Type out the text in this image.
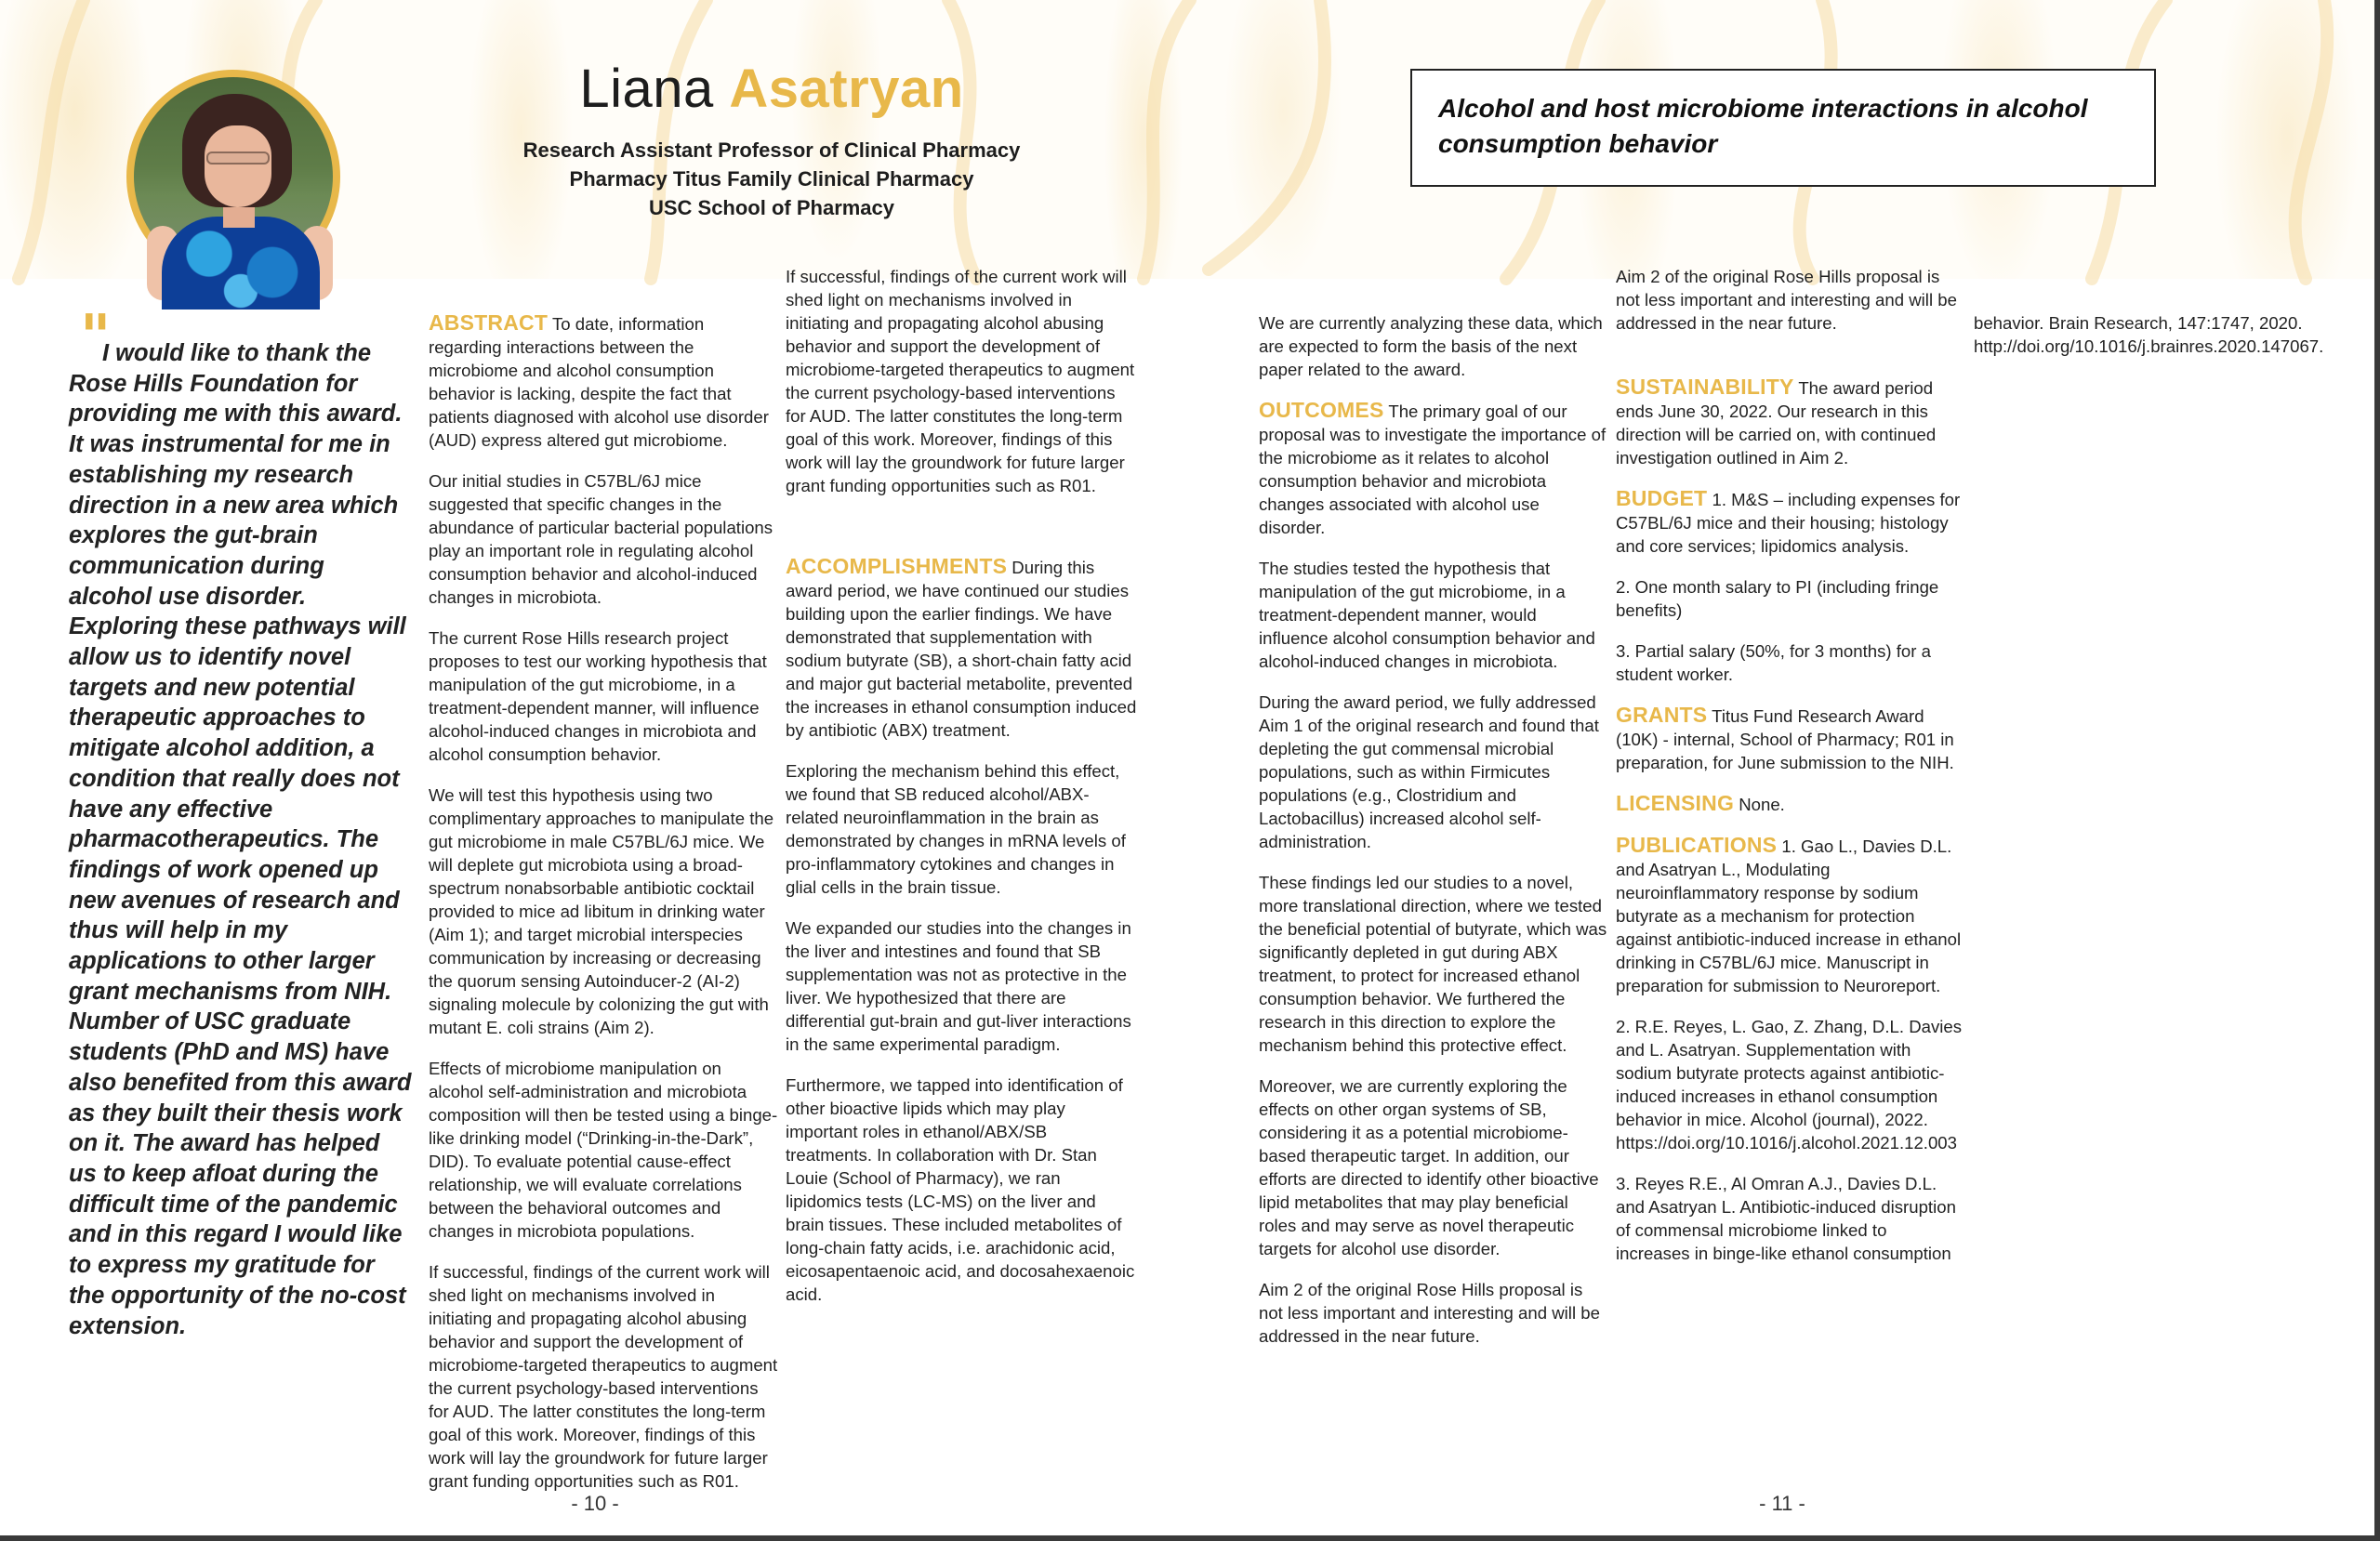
Liana Asatryan
Research Assistant Professor of Clinical Pharmacy
Pharmacy Titus Family Clinical Pharmacy
USC School of Pharmacy
Alcohol and host microbiome interactions in alcohol consumption behavior
"
I would like to thank the Rose Hills Foundation for providing me with this award. It was instrumental for me in establishing my research direction in a new area which explores the gut-brain communication during alcohol use disorder. Exploring these pathways will allow us to identify novel targets and new potential therapeutic approaches to mitigate alcohol addition, a condition that really does not have any effective pharmacotherapeutics. The findings of work opened up new avenues of research and thus will help in my applications to other larger grant mechanisms from NIH. Number of USC graduate students (PhD and MS) have also benefited from this award as they built their thesis work on it. The award has helped us to keep afloat during the difficult time of the pandemic and in this regard I would like to express my gratitude for the opportunity of the no-cost extension.

ABSTRACT To date, information regarding interactions between the microbiome and alcohol consumption behavior is lacking, despite the fact that patients diagnosed with alcohol use disorder (AUD) express altered gut microbiome.

Our initial studies in C57BL/6J mice suggested that specific changes in the abundance of particular bacterial populations play an important role in regulating alcohol consumption behavior and alcohol-induced changes in microbiota.

The current Rose Hills research project proposes to test our working hypothesis that manipulation of the gut microbiome, in a treatment-dependent manner, will influence alcohol-induced changes in microbiota and alcohol consumption behavior.

We will test this hypothesis using two complimentary approaches to manipulate the gut microbiome in male C57BL/6J mice. We will deplete gut microbiota using a broad-spectrum nonabsorbable antibiotic cocktail provided to mice ad libitum in drinking water (Aim 1); and target microbial interspecies communication by increasing or decreasing the quorum sensing Autoinducer-2 (AI-2) signaling molecule by colonizing the gut with mutant E. coli strains (Aim 2).

Effects of microbiome manipulation on alcohol self-administration and microbiota composition will then be tested using a binge-like drinking model (“Drinking-in-the-Dark”, DID). To evaluate potential cause-effect relationship, we will evaluate correlations between the behavioral outcomes and changes in microbiota populations.

If successful, findings of the current work will shed light on mechanisms involved in initiating and propagating alcohol abusing behavior and support the development of microbiome-targeted therapeutics to augment the current psychology-based interventions for AUD. The latter constitutes the long-term goal of this work. Moreover, findings of this work will lay the groundwork for future larger grant funding opportunities such as R01.

If successful, findings of the current work will shed light on mechanisms involved in initiating and propagating alcohol abusing behavior and support the development of microbiome-targeted therapeutics to augment the current psychology-based interventions for AUD. The latter constitutes the long-term goal of this work. Moreover, findings of this work will lay the groundwork for future larger grant funding opportunities such as R01.

ACCOMPLISHMENTS During this award period, we have continued our studies building upon the earlier findings. We have demonstrated that supplementation with sodium butyrate (SB), a short-chain fatty acid and major gut bacterial metabolite, prevented the increases in ethanol consumption induced by antibiotic (ABX) treatment.

Exploring the mechanism behind this effect, we found that SB reduced alcohol/ABX-related neuroinflammation in the brain as demonstrated by changes in mRNA levels of pro-inflammatory cytokines and changes in glial cells in the brain tissue.

We expanded our studies into the changes in the liver and intestines and found that SB supplementation was not as protective in the liver. We hypothesized that there are differential gut-brain and gut-liver interactions in the same experimental paradigm.

Furthermore, we tapped into identification of other bioactive lipids which may play important roles in ethanol/ABX/SB treatments. In collaboration with Dr. Stan Louie (School of Pharmacy), we ran lipidomics tests (LC-MS) on the liver and brain tissues. These included metabolites of long-chain fatty acids, i.e. arachidonic acid, eicosapentaenoic acid, and docosahexaenoic acid.

We are currently analyzing these data, which are expected to form the basis of the next paper related to the award.

OUTCOMES The primary goal of our proposal was to investigate the importance of the microbiome as it relates to alcohol consumption behavior and microbiota changes associated with alcohol use disorder.

The studies tested the hypothesis that manipulation of the gut microbiome, in a treatment-dependent manner, would influence alcohol consumption behavior and alcohol-induced changes in microbiota.

During the award period, we fully addressed Aim 1 of the original research and found that depleting the gut commensal microbial populations, such as within Firmicutes populations (e.g., Clostridium and Lactobacillus) increased alcohol self-administration.

These findings led our studies to a novel, more translational direction, where we tested the beneficial potential of butyrate, which was significantly depleted in gut during ABX treatment, to protect for increased ethanol consumption behavior. We furthered the research in this direction to explore the mechanism behind this protective effect.

Moreover, we are currently exploring the effects on other organ systems of SB, considering it as a potential microbiome-based therapeutic target. In addition, our efforts are directed to identify other bioactive lipid metabolites that may play beneficial roles and may serve as novel therapeutic targets for alcohol use disorder.

Aim 2 of the original Rose Hills proposal is not less important and interesting and will be addressed in the near future.

Aim 2 of the original Rose Hills proposal is not less important and interesting and will be addressed in the near future.

SUSTAINABILITY The award period ends June 30, 2022. Our research in this direction will be carried on, with continued investigation outlined in Aim 2.

BUDGET 1. M&S – including expenses for C57BL/6J mice and their housing; histology and core services; lipidomics analysis.

2. One month salary to PI (including fringe benefits)

3. Partial salary (50%, for 3 months) for a student worker.

GRANTS Titus Fund Research Award (10K) - internal, School of Pharmacy; R01 in preparation, for June submission to the NIH.

LICENSING None.

PUBLICATIONS 1. Gao L., Davies D.L. and Asatryan L., Modulating neuroinflammatory response by sodium butyrate as a mechanism for protection against antibiotic-induced increase in ethanol drinking in C57BL/6J mice. Manuscript in preparation for submission to Neuroreport.

2. R.E. Reyes, L. Gao, Z. Zhang, D.L. Davies and L. Asatryan. Supplementation with sodium butyrate protects against antibiotic-induced increases in ethanol consumption behavior in mice. Alcohol (journal), 2022. https://doi.org/10.1016/j.alcohol.2021.12.003

3. Reyes R.E., Al Omran A.J., Davies D.L. and Asatryan L. Antibiotic-induced disruption of commensal microbiome linked to increases in binge-like ethanol consumption

behavior. Brain Research, 147:1747, 2020. http://doi.org/10.1016/j.brainres.2020.147067.

- 10 -	- 11 -
